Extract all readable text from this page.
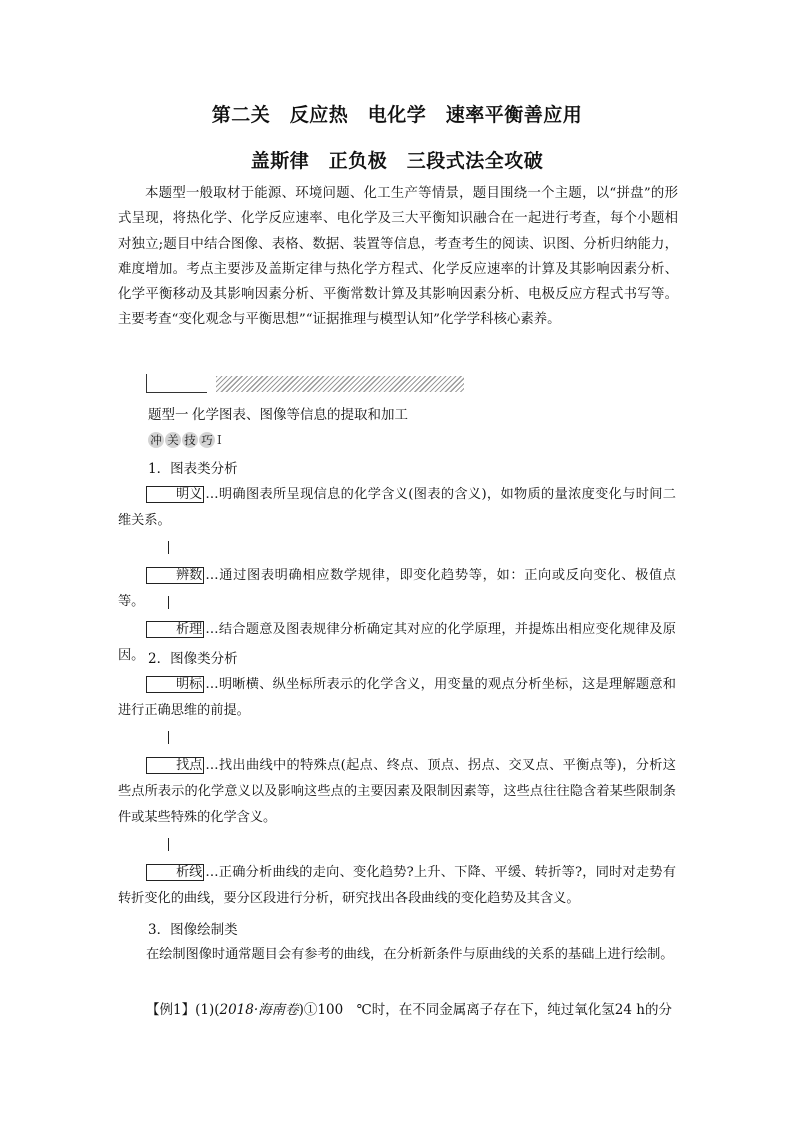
第二关　反应热　电化学　速率平衡善应用
盖斯律　正负极　三段式法全攻破
本题型一般取材于能源、环境问题、化工生产等情景，题目围绕一个主题，以“拼盘”的形式呈现，将热化学、化学反应速率、电化学及三大平衡知识融合在一起进行考查，每个小题相对独立;题目中结合图像、表格、数据、装置等信息，考查考生的阅读、识图、分析归纳能力，难度增加。考点主要涉及盖斯定律与热化学方程式、化学反应速率的计算及其影响因素分析、化学平衡移动及其影响因素分析、平衡常数计算及其影响因素分析、电极反应方程式书写等。主要考查“变化观念与平衡思想”“证据推理与模型认知”化学学科核心素养。
题型一 化学图表、图像等信息的提取和加工
冲 关 技 巧 I
1．图表类分析
明义 …明确图表所呈现信息的化学含义(图表的含义)，如物质的量浓度变化与时间二维关系。
辨数 …通过图表明确相应数学规律，即变化趋势等，如：正向或反向变化、极值点等。
析理 …结合题意及图表规律分析确定其对应的化学原理，并提炼出相应变化规律及原因。 2．图像类分析
明标 …明晰横、纵坐标所表示的化学含义，用变量的观点分析坐标，这是理解题意和进行正确思维的前提。
找点 …找出曲线中的特殊点(起点、终点、顶点、拐点、交叉点、平衡点等)，分析这些点所表示的化学意义以及影响这些点的主要因素及限制因素等，这些点往往隐含着某些限制条件或某些特殊的化学含义。
析线 …正确分析曲线的走向、变化趋势?上升、下降、平缓、转折等?，同时对走势有转折变化的曲线，要分区段进行分析，研究找出各段曲线的变化趋势及其含义。
3．图像绘制类
在绘制图像时通常题目会有参考的曲线，在分析新条件与原曲线的关系的基础上进行绘制。
【例1】(1)(2018·海南卷)①100　℃时，在不同金属离子存在下，纯过氧化氢24 h的分
